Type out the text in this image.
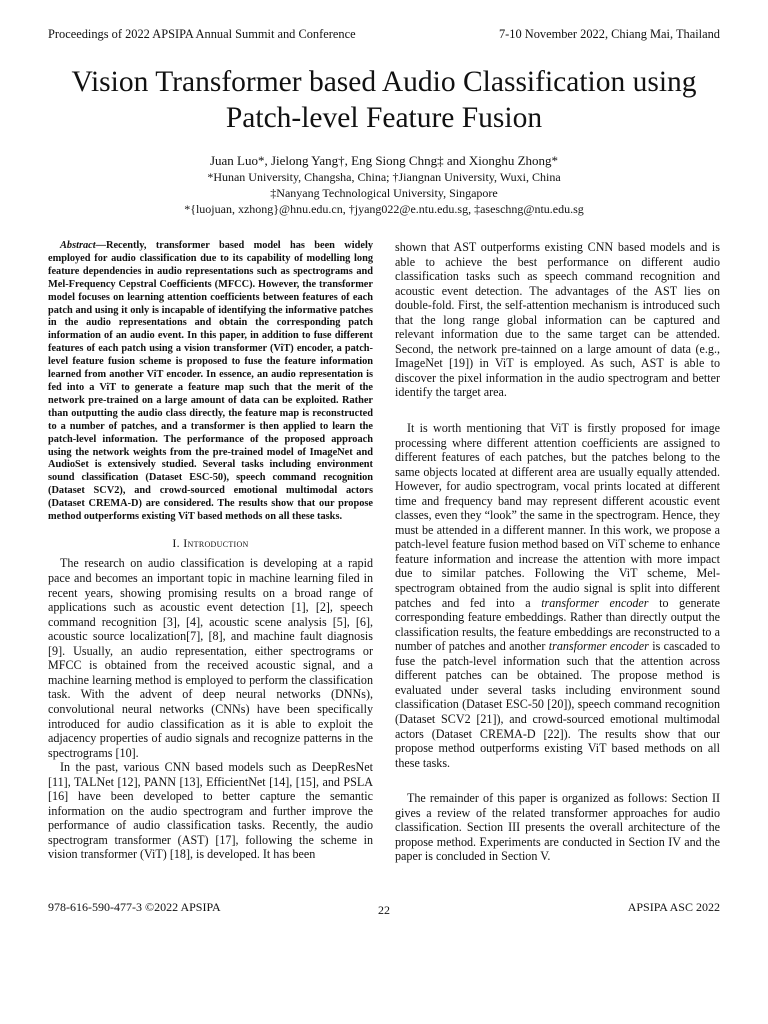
Proceedings of 2022 APSIPA Annual Summit and Conference	7-10 November 2022, Chiang Mai, Thailand
Vision Transformer based Audio Classification using
Patch-level Feature Fusion
Juan Luo*, Jielong Yang†, Eng Siong Chng‡ and Xionghu Zhong*
*Hunan University, Changsha, China; †Jiangnan University, Wuxi, China
‡Nanyang Technological University, Singapore
*{luojuan, xzhong}@hnu.edu.cn, †jyang022@e.ntu.edu.sg, ‡aseschng@ntu.edu.sg

Abstract—Recently, transformer based model has been widely employed for audio classification due to its capability of modelling long feature dependencies in audio representations such as spectrograms and Mel-Frequency Cepstral Coefficients (MFCC). However, the transformer model focuses on learning attention coefficients between features of each patch and using it only is incapable of identifying the informative patches in the audio representations and obtain the corresponding patch information of an audio event. In this paper, in addition to fuse different features of each patch using a vision transformer (ViT) encoder, a patch-level feature fusion scheme is proposed to fuse the feature information learned from another ViT encoder. In essence, an audio representation is fed into a ViT to generate a feature map such that the merit of the network pre-trained on a large amount of data can be exploited. Rather than outputting the audio class directly, the feature map is reconstructed to a number of patches, and a transformer is then applied to learn the patch-level information. The performance of the proposed approach using the network weights from the pre-trained model of ImageNet and AudioSet is extensively studied. Several tasks including environment sound classification (Dataset ESC-50), speech command recognition (Dataset SCV2), and crowd-sourced emotional multimodal actors (Dataset CREMA-D) are considered. The results show that our propose method outperforms existing ViT based methods on all these tasks.

I. Introduction

The research on audio classification is developing at a rapid pace and becomes an important topic in machine learning filed in recent years, showing promising results on a broad range of applications such as acoustic event detection [1], [2], speech command recognition [3], [4], acoustic scene analysis [5], [6], acoustic source localization[7], [8], and machine fault diagnosis [9]. Usually, an audio representation, either spectrograms or MFCC is obtained from the received acoustic signal, and a machine learning method is employed to perform the classification task. With the advent of deep neural networks (DNNs), convolutional neural networks (CNNs) have been specifically introduced for audio classification as it is able to exploit the adjacency properties of audio signals and recognize patterns in the spectrograms [10].

In the past, various CNN based models such as DeepResNet [11], TALNet [12], PANN [13], EfficientNet [14], [15], and PSLA [16] have been developed to better capture the semantic information on the audio spectrogram and further improve the performance of audio classification tasks. Recently, the audio spectrogram transformer (AST) [17], following the scheme in vision transformer (ViT) [18], is developed. It has been

shown that AST outperforms existing CNN based models and is able to achieve the best performance on different audio classification tasks such as speech command recognition and acoustic event detection. The advantages of the AST lies on double-fold. First, the self-attention mechanism is introduced such that the long range global information can be captured and relevant information due to the same target can be attended. Second, the network pre-tainned on a large amount of data (e.g., ImageNet [19]) in ViT is employed. As such, AST is able to discover the pixel information in the audio spectrogram and better identify the target area.

It is worth mentioning that ViT is firstly proposed for image processing where different attention coefficients are assigned to different features of each patches, but the patches belong to the same objects located at different area are usually equally attended. However, for audio spectrogram, vocal prints located at different time and frequency band may represent different acoustic event classes, even they “look” the same in the spectrogram. Hence, they must be attended in a different manner. In this work, we propose a patch-level feature fusion method based on ViT scheme to enhance feature information and increase the attention with more impact due to similar patches. Following the ViT scheme, Mel-spectrogram obtained from the audio signal is split into different patches and fed into a transformer encoder to generate corresponding feature embeddings. Rather than directly output the classification results, the feature embeddings are reconstructed to a number of patches and another transformer encoder is cascaded to fuse the patch-level information such that the attention across different patches can be obtained. The propose method is evaluated under several tasks including environment sound classification (Dataset ESC-50 [20]), speech command recognition (Dataset SCV2 [21]), and crowd-sourced emotional multimodal actors (Dataset CREMA-D [22]). The results show that our propose method outperforms existing ViT based methods on all these tasks.

The remainder of this paper is organized as follows: Section II gives a review of the related transformer approaches for audio classification. Section III presents the overall architecture of the propose method. Experiments are conducted in Section IV and the paper is concluded in Section V.

978-616-590-477-3 ©2022 APSIPA	22	APSIPA ASC 2022
